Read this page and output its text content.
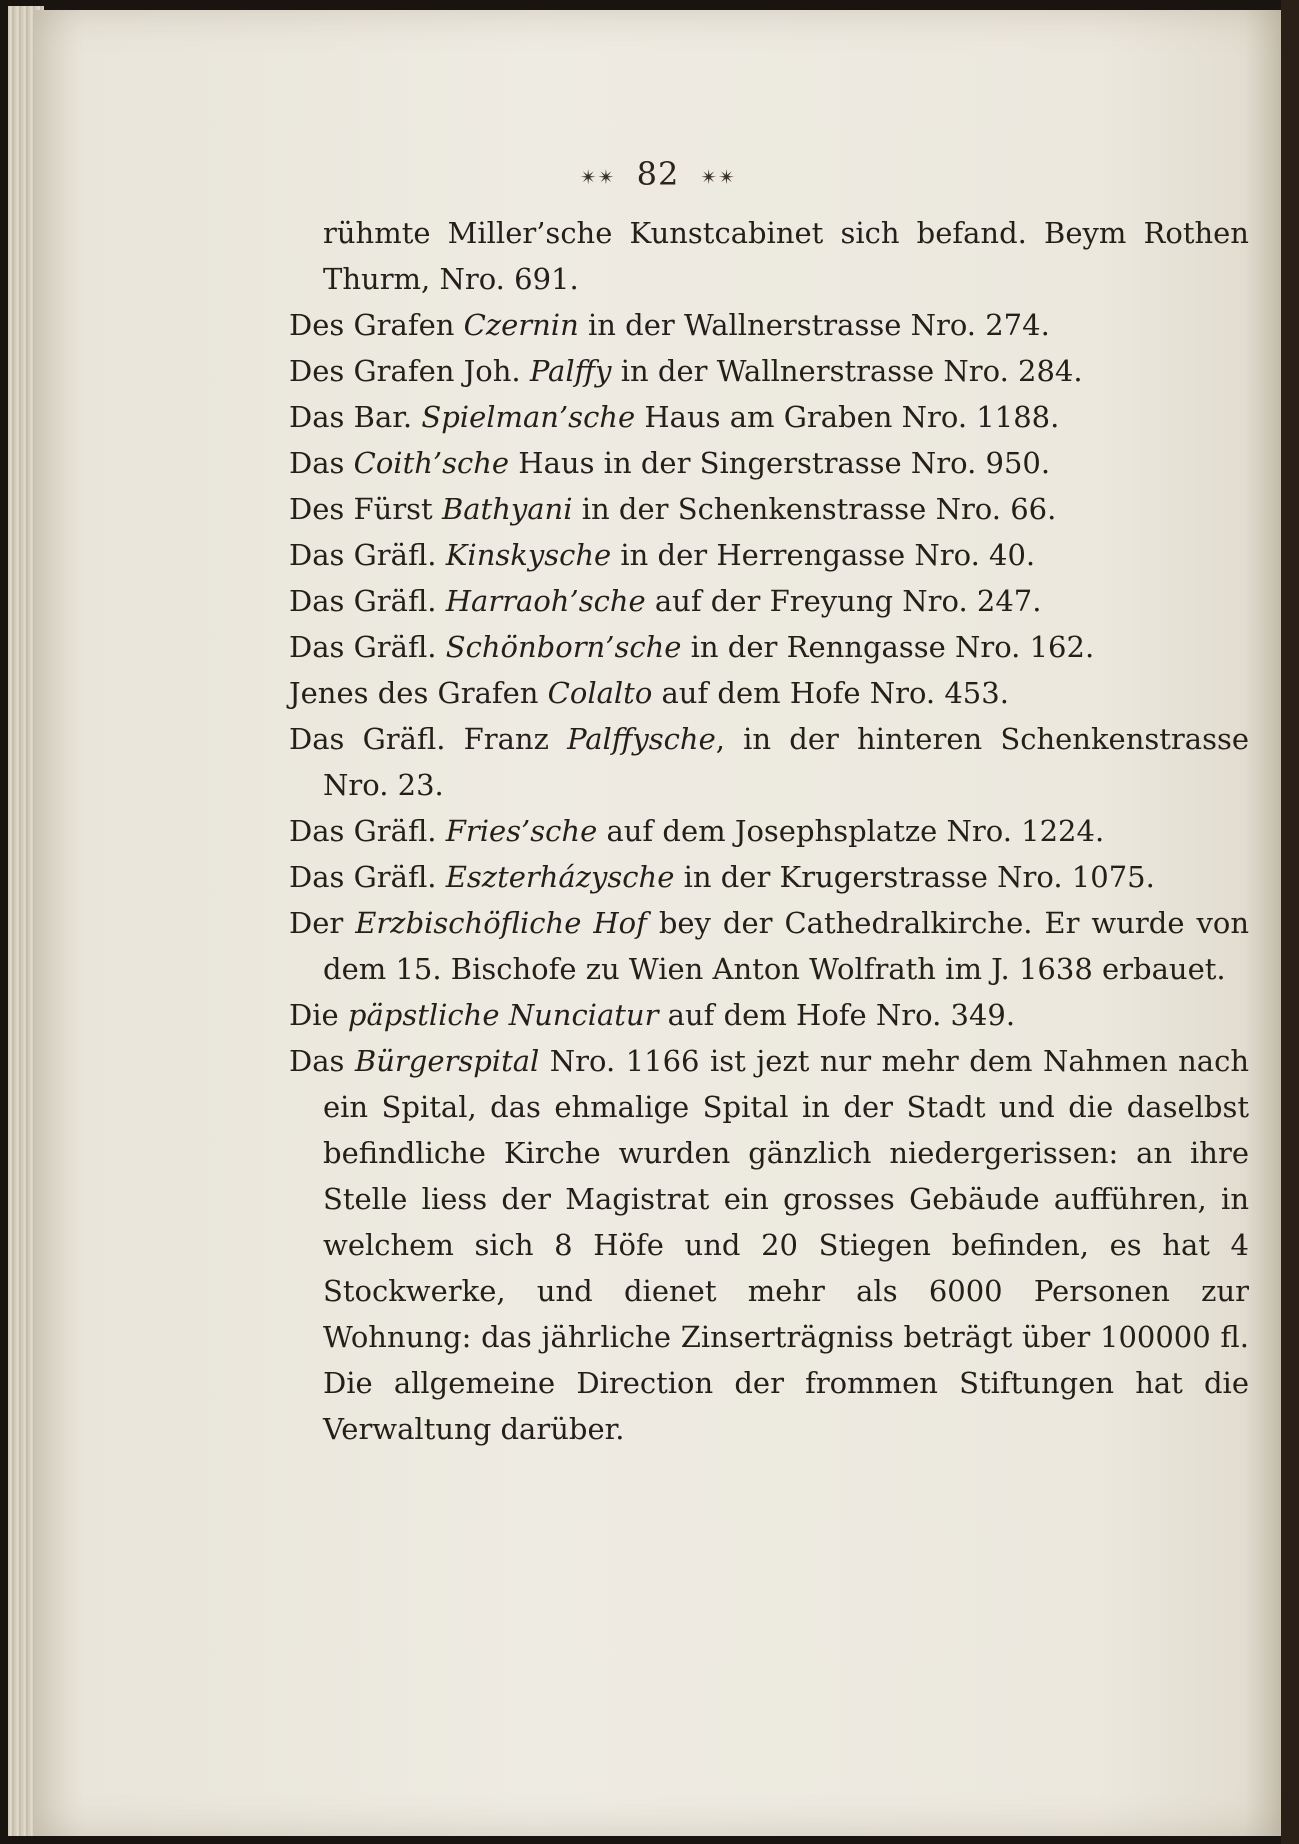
✴✴ 82 ✴✴

rühmte Miller’sche Kunstcabinet sich befand. Beym Rothen Thurm, Nro. 691.

Des Grafen Czernin in der Wallnerstrasse Nro. 274.

Des Grafen Joh. Palffy in der Wallnerstrasse Nro. 284.

Das Bar. Spielman’sche Haus am Graben Nro. 1188.

Das Coith’sche Haus in der Singerstrasse Nro. 950.

Des Fürst Bathyani in der Schenkenstrasse Nro. 66.

Das Gräfl. Kinskysche in der Herrengasse Nro. 40.

Das Gräfl. Harraoh’sche auf der Freyung Nro. 247.

Das Gräfl. Schönborn’sche in der Renngasse Nro. 162.

Jenes des Grafen Colalto auf dem Hofe Nro. 453.

Das Gräfl. Franz Palffysche, in der hinteren Schenkenstrasse Nro. 23.

Das Gräfl. Fries’sche auf dem Josephsplatze Nro. 1224.

Das Gräfl. Eszterházysche in der Krugerstrasse Nro. 1075.

Der Erzbischöfliche Hof bey der Cathedralkirche. Er wurde von dem 15. Bischofe zu Wien Anton Wolfrath im J. 1638 erbauet.

Die päpstliche Nunciatur auf dem Hofe Nro. 349.

Das Bürgerspital Nro. 1166 ist jezt nur mehr dem Nahmen nach ein Spital, das ehmalige Spital in der Stadt und die daselbst befindliche Kirche wurden gänzlich niedergerissen: an ihre Stelle liess der Magistrat ein grosses Gebäude aufführen, in welchem sich 8 Höfe und 20 Stiegen befinden, es hat 4 Stockwerke, und dienet mehr als 6000 Personen zur Wohnung: das jährliche Zinserträgniss beträgt über 100000 fl. Die allgemeine Direction der frommen Stiftungen hat die Verwaltung darüber.
